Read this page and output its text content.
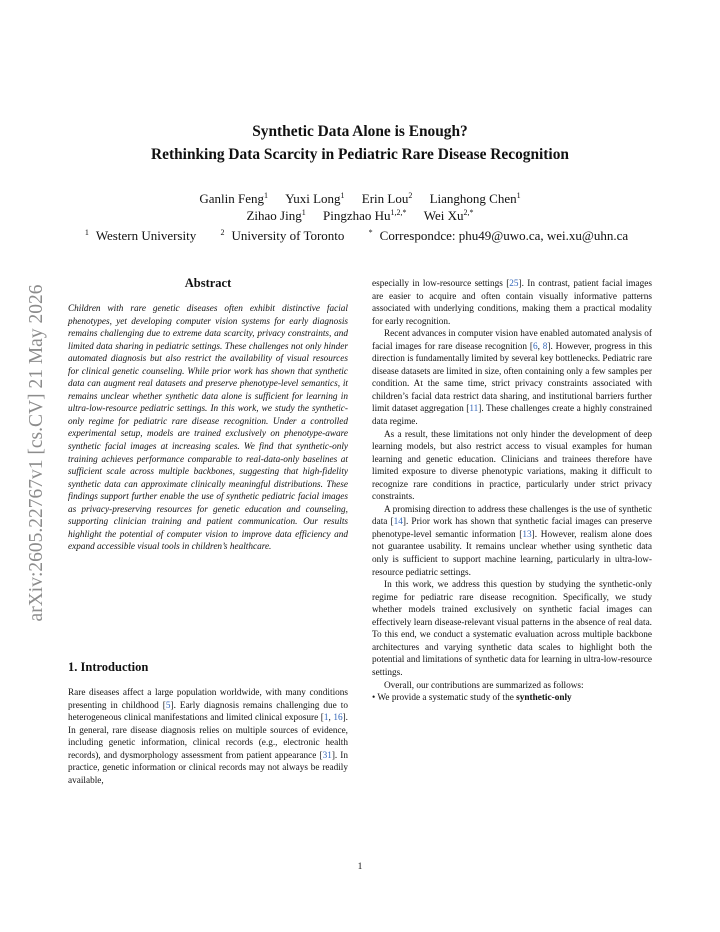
arXiv:2605.22767v1 [cs.CV] 21 May 2026
Synthetic Data Alone is Enough?
Rethinking Data Scarcity in Pediatric Rare Disease Recognition
Ganlin Feng$^1$ Yuxi Long$^1$ Erin Lou$^2$ Lianghong Chen$^1$
Zihao Jing$^1$ Pingzhao $Hu^{1,2,*}$ Wei $Xu^{2,*}$
$^1$ Western University	$^2$ University of Toronto	* Correspondce: phu49@uwo.ca, wei.xu@uhn.ca
Abstract

Children with rare genetic diseases often exhibit distinctive facial phenotypes, yet developing computer vision systems for early diagnosis remains challenging due to extreme data scarcity, privacy constraints, and limited data sharing in pediatric settings. These challenges not only hinder automated diagnosis but also restrict the availability of visual resources for clinical genetic counseling. While prior work has shown that synthetic data can augment real datasets and preserve phenotype-level semantics, it remains unclear whether synthetic data alone is sufficient for learning in ultra-low-resource pediatric settings. In this work, we study the synthetic-only regime for pediatric rare disease recognition. Under a controlled experimental setup, models are trained exclusively on phenotype-aware synthetic facial images at increasing scales. We find that synthetic-only training achieves performance comparable to real-data-only baselines at sufficient scale across multiple backbones, suggesting that high-fidelity synthetic data can approximate clinically meaningful distributions. These findings support further enable the use of synthetic pediatric facial images as privacy-preserving resources for genetic education and counseling, supporting clinician training and patient communication. Our results highlight the potential of computer vision to improve data efficiency and expand accessible visual tools in children’s healthcare.

1. Introduction

Rare diseases affect a large population worldwide, with many conditions presenting in childhood [5]. Early diagnosis remains challenging due to heterogeneous clinical manifestations and limited clinical exposure [1, 16]. In general, rare disease diagnosis relies on multiple sources of evidence, including genetic information, clinical records (e.g., electronic health records), and dysmorphology assessment from patient appearance [31]. In practice, genetic information or clinical records may not always be readily available,

especially in low-resource settings [25]. In contrast, patient facial images are easier to acquire and often contain visually informative patterns associated with underlying conditions, making them a practical modality for early recognition.

Recent advances in computer vision have enabled automated analysis of facial images for rare disease recognition [6, 8]. However, progress in this direction is fundamentally limited by several key bottlenecks. Pediatric rare disease datasets are limited in size, often containing only a few samples per condition. At the same time, strict privacy constraints associated with children’s facial data restrict data sharing, and institutional barriers further limit dataset aggregation [11]. These challenges create a highly constrained data regime.

As a result, these limitations not only hinder the development of deep learning models, but also restrict access to visual examples for human learning and genetic education. Clinicians and trainees therefore have limited exposure to diverse phenotypic variations, making it difficult to recognize rare conditions in practice, particularly under strict privacy constraints.

A promising direction to address these challenges is the use of synthetic data [14]. Prior work has shown that synthetic facial images can preserve phenotype-level semantic information [13]. However, realism alone does not guarantee usability. It remains unclear whether using synthetic data only is sufficient to support machine learning, particularly in ultra-low-resource pediatric settings.

In this work, we address this question by studying the synthetic-only regime for pediatric rare disease recognition. Specifically, we study whether models trained exclusively on synthetic facial images can effectively learn disease-relevant visual patterns in the absence of real data. To this end, we conduct a systematic evaluation across multiple backbone architectures and varying synthetic data scales to highlight both the potential and limitations of synthetic data for learning in ultra-low-resource settings.

Overall, our contributions are summarized as follows:

• We provide a systematic study of the synthetic-only

1
